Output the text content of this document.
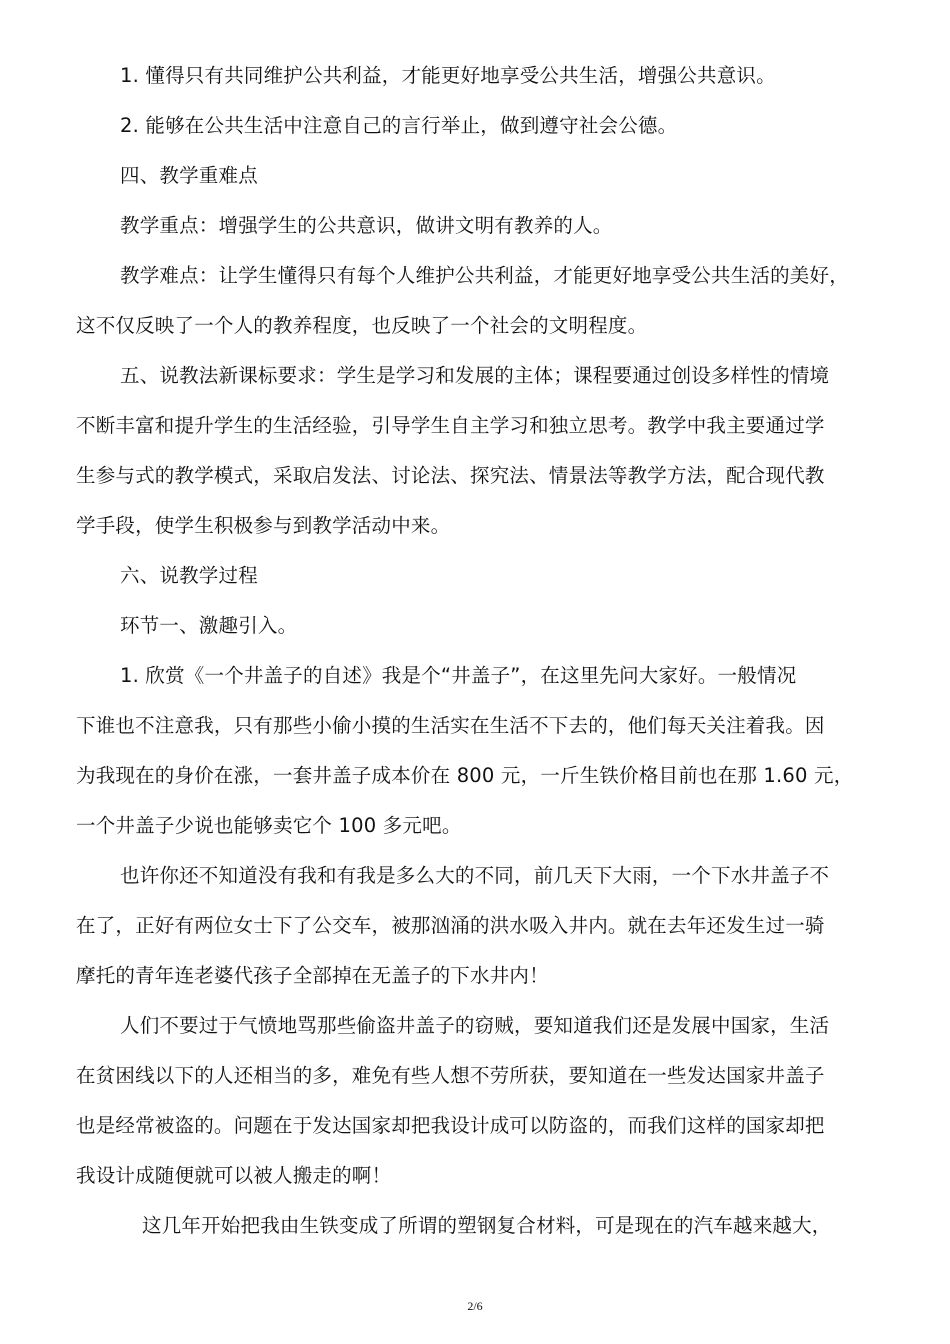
1. 懂得只有共同维护公共利益，才能更好地享受公共生活，增强公共意识。
2. 能够在公共生活中注意自己的言行举止，做到遵守社会公德。
四、教学重难点
教学重点：增强学生的公共意识，做讲文明有教养的人。
教学难点：让学生懂得只有每个人维护公共利益，才能更好地享受公共生活的美好，
这不仅反映了一个人的教养程度，也反映了一个社会的文明程度。
五、说教法新课标要求：学生是学习和发展的主体；课程要通过创设多样性的情境
不断丰富和提升学生的生活经验，引导学生自主学习和独立思考。教学中我主要通过学
生参与式的教学模式，采取启发法、讨论法、探究法、情景法等教学方法，配合现代教
学手段，使学生积极参与到教学活动中来。
六、说教学过程
环节一、激趣引入。
1. 欣赏《一个井盖子的自述》我是个“井盖子”，在这里先问大家好。一般情况
下谁也不注意我，只有那些小偷小摸的生活实在生活不下去的，他们每天关注着我。因
为我现在的身价在涨，一套井盖子成本价在 800 元，一斤生铁价格目前也在那 1.60 元，
一个井盖子少说也能够卖它个 100 多元吧。
也许你还不知道没有我和有我是多么大的不同，前几天下大雨，一个下水井盖子不
在了，正好有两位女士下了公交车，被那汹涌的洪水吸入井内。就在去年还发生过一骑
摩托的青年连老婆代孩子全部掉在无盖子的下水井内！
人们不要过于气愤地骂那些偷盗井盖子的窃贼，要知道我们还是发展中国家，生活
在贫困线以下的人还相当的多，难免有些人想不劳所获，要知道在一些发达国家井盖子
也是经常被盗的。问题在于发达国家却把我设计成可以防盗的，而我们这样的国家却把
我设计成随便就可以被人搬走的啊！
这几年开始把我由生铁变成了所谓的塑钢复合材料，可是现在的汽车越来越大，
2/6
